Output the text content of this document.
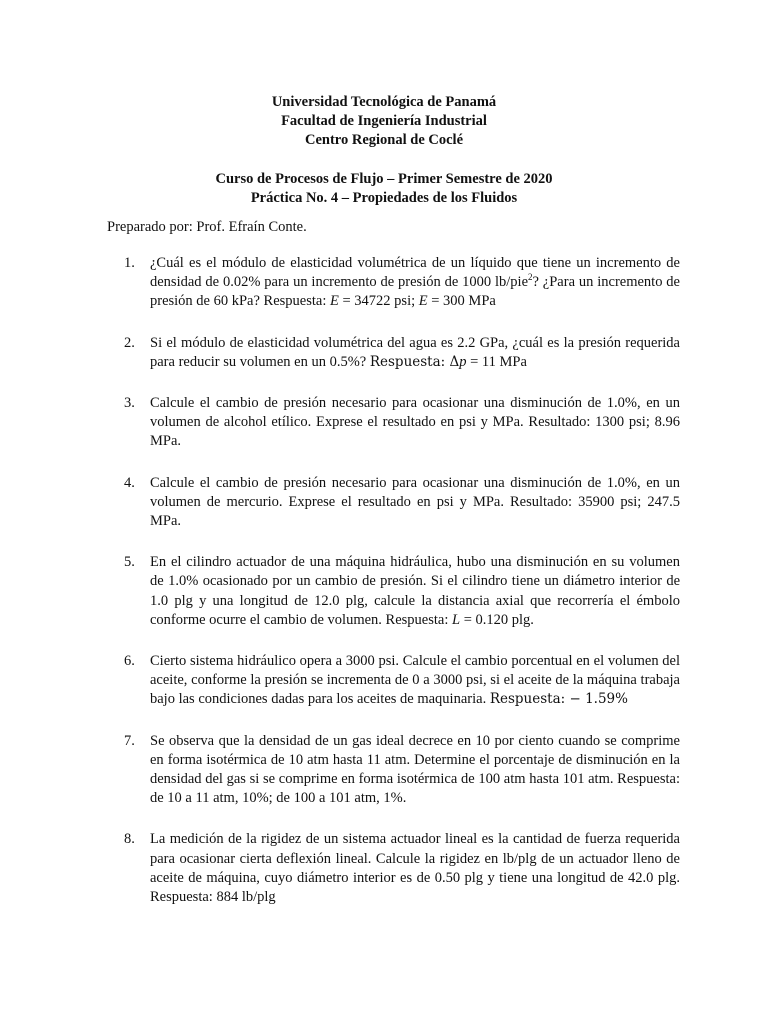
Universidad Tecnológica de Panamá
Facultad de Ingeniería Industrial
Centro Regional de Coclé
Curso de Procesos de Flujo – Primer Semestre de 2020
Práctica No. 4 – Propiedades de los Fluidos
Preparado por: Prof. Efraín Conte.
1. ¿Cuál es el módulo de elasticidad volumétrica de un líquido que tiene un incremento de densidad de 0.02% para un incremento de presión de 1000 lb/pie$^2$? ¿Para un incremento de presión de 60 kPa? Respuesta: E = 34722 psi; E = 300 MPa
2. Si el módulo de elasticidad volumétrica del agua es 2.2 GPa, ¿cuál es la presión requerida para reducir su volumen en un 0.5%? Respuesta: Δp = 11 MPa
3. Calcule el cambio de presión necesario para ocasionar una disminución de 1.0%, en un volumen de alcohol etílico. Exprese el resultado en psi y MPa. Resultado: 1300 psi; 8.96 MPa.
4. Calcule el cambio de presión necesario para ocasionar una disminución de 1.0%, en un volumen de mercurio. Exprese el resultado en psi y MPa. Resultado: 35900 psi; 247.5 MPa.
5. En el cilindro actuador de una máquina hidráulica, hubo una disminución en su volumen de 1.0% ocasionado por un cambio de presión. Si el cilindro tiene un diámetro interior de 1.0 plg y una longitud de 12.0 plg, calcule la distancia axial que recorrería el émbolo conforme ocurre el cambio de volumen. Respuesta: L = 0.120 plg.
6. Cierto sistema hidráulico opera a 3000 psi. Calcule el cambio porcentual en el volumen del aceite, conforme la presión se incrementa de 0 a 3000 psi, si el aceite de la máquina trabaja bajo las condiciones dadas para los aceites de maquinaria. Respuesta: − 1.59%
7. Se observa que la densidad de un gas ideal decrece en 10 por ciento cuando se comprime en forma isotérmica de 10 atm hasta 11 atm. Determine el porcentaje de disminución en la densidad del gas si se comprime en forma isotérmica de 100 atm hasta 101 atm. Respuesta: de 10 a 11 atm, 10%; de 100 a 101 atm, 1%.
8. La medición de la rigidez de un sistema actuador lineal es la cantidad de fuerza requerida para ocasionar cierta deflexión lineal. Calcule la rigidez en lb/plg de un actuador lleno de aceite de máquina, cuyo diámetro interior es de 0.50 plg y tiene una longitud de 42.0 plg. Respuesta: 884 lb/plg
